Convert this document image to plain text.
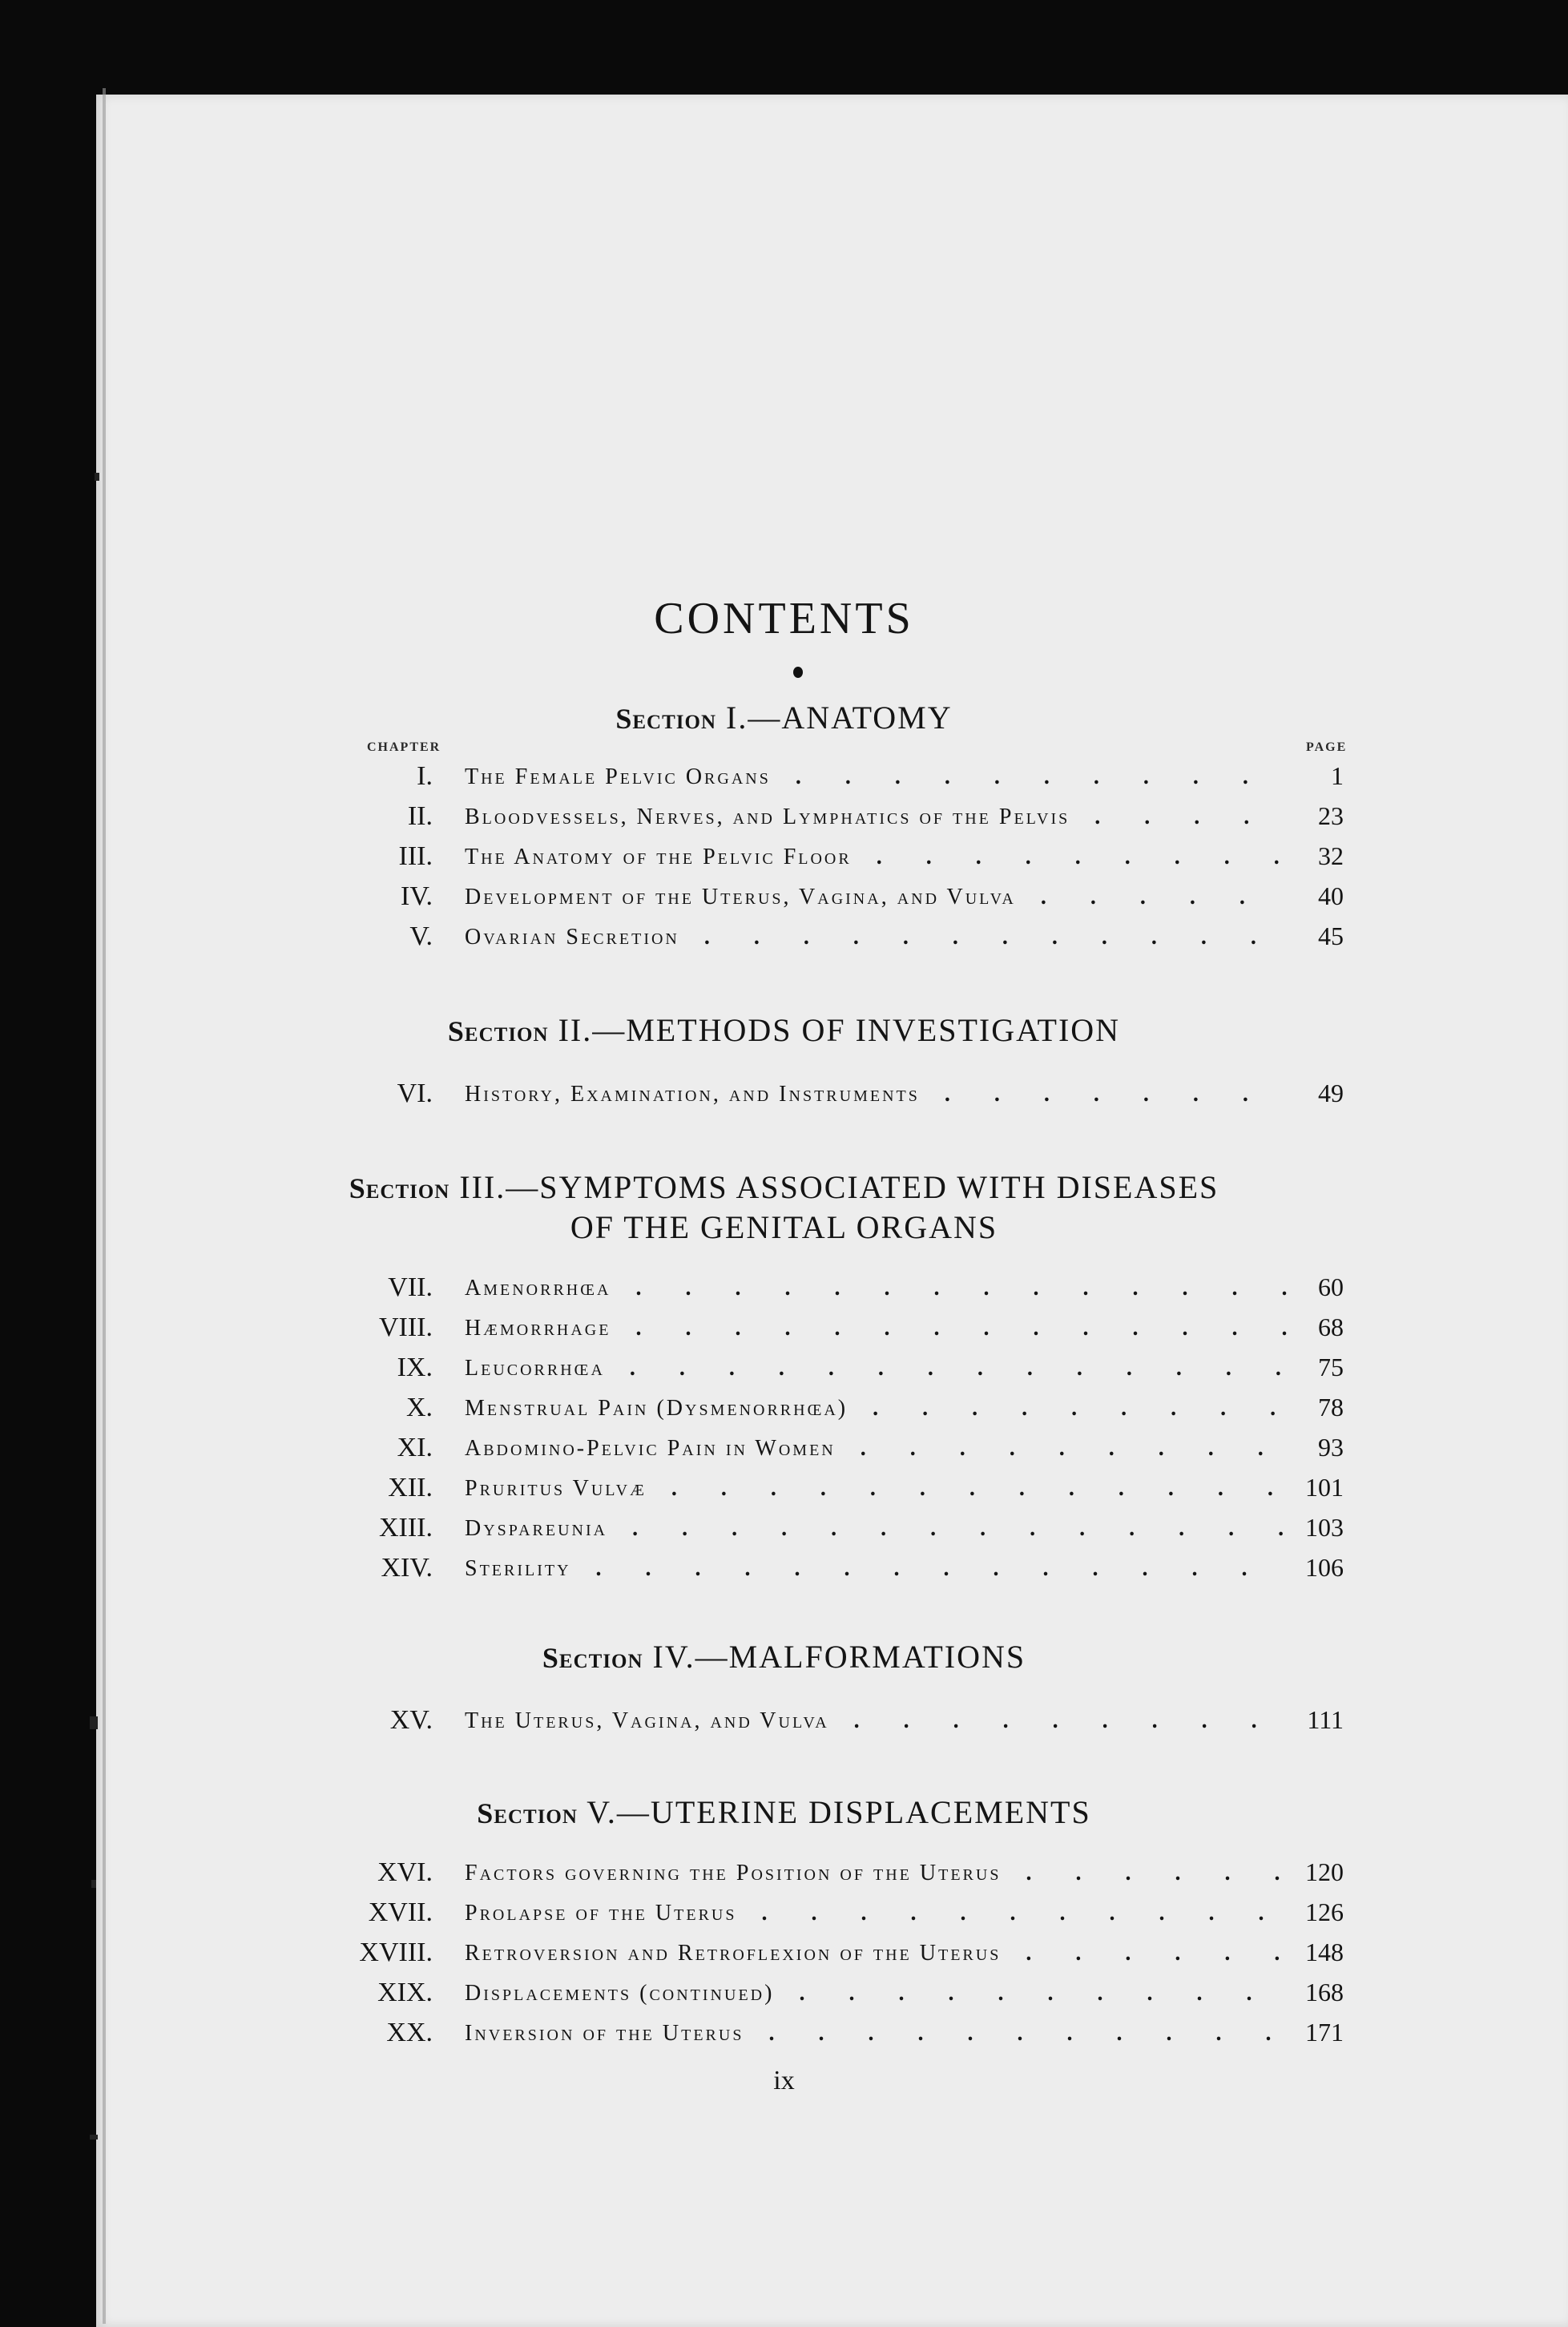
CONTENTS
CHAPTER	PAGE
Section I.—ANATOMY
I. The Female Pelvic Organs . . .	1
II. Bloodvessels, Nerves, and Lymphatics of the Pelvis . . .	23
III. The Anatomy of the Pelvic Floor . . .	32
IV. Development of the Uterus, Vagina, and Vulva . . .	40
V. Ovarian Secretion . . .	45
Section II.—METHODS OF INVESTIGATION
VI. History, Examination, and Instruments . . .	49
Section III.—SYMPTOMS ASSOCIATED WITH DISEASES
OF THE GENITAL ORGANS
VII. Amenorrhœa . . .	60
VIII. Hæmorrhage . . .	68
IX. Leucorrhœa . . .	75
X. Menstrual Pain (Dysmenorrhœa) . . .	78
XI. Abdomino-Pelvic Pain in Women . . .	93
XII. Pruritus Vulvæ . . .	101
XIII. Dyspareunia . . .	103
XIV. Sterility . . .	106
Section IV.—MALFORMATIONS
XV. The Uterus, Vagina, and Vulva . . .	111
Section V.—UTERINE DISPLACEMENTS
XVI. Factors governing the Position of the Uterus . . .	120
XVII. Prolapse of the Uterus . . .	126
XVIII. Retroversion and Retroflexion of the Uterus . . .	148
XIX. Displacements (continued) . . .	168
XX. Inversion of the Uterus . . .	171
ix
